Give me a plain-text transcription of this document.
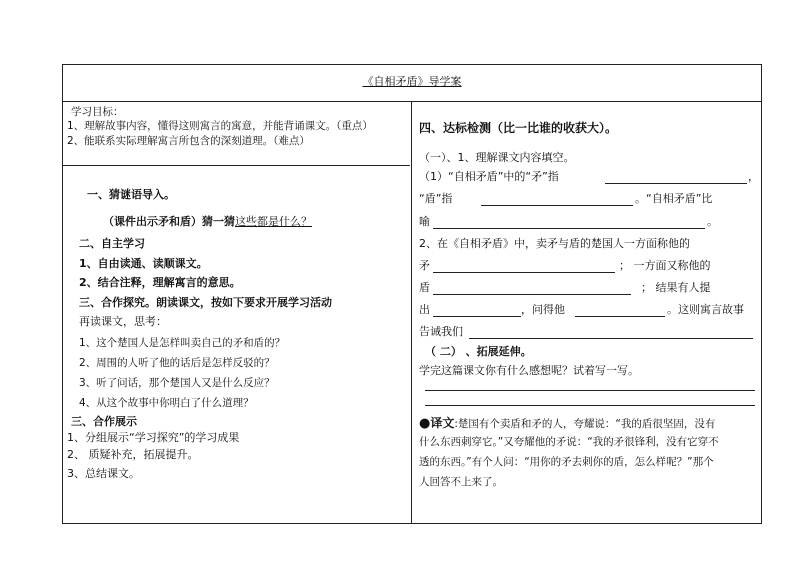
《自相矛盾》导学案
学习目标：
1、理解故事内容，懂得这则寓言的寓意，并能背诵课文。（重点）
2、能联系实际理解寓言所包含的深刻道理。（难点）
一、猜谜语导入。
（课件出示矛和盾）猜一猜这些都是什么？
二、自主学习
1、自由读通、读顺课文。
2、结合注释，理解寓言的意思。
三、合作探究。朗读课文，按如下要求开展学习活动
再读课文，思考：
1、这个楚国人是怎样叫卖自己的矛和盾的？
2、周围的人听了他的话后是怎样反驳的？
3、听了问话，那个楚国人又是什么反应？
4、从这个故事中你明白了什么道理？
三、合作展示
1、分组展示“学习探究”的学习成果
2、 质疑补充，拓展提升。
3、总结课文。
四、达标检测（比一比谁的收获大）。
（一）、1、理解课文内容填空。
（1）“自相矛盾”中的“矛”指	，
“盾”指	。“自相矛盾”比
喻	。
2、在《自相矛盾》中，卖矛与盾的楚国人一方面称他的
矛	； 一方面又称他的
盾	； 结果有人提
出	，问得他	。这则寓言故事
告诫我们
（ 二） 、拓展延伸。
学完这篇课文你有什么感想呢？试着写一写。
●译文:楚国有个卖盾和矛的人，夸耀说：“我的盾很坚固，没有
什么东西刺穿它。”又夸耀他的矛说：“我的矛很锋利，没有它穿不
透的东西。”有个人问：“用你的矛去刺你的盾，怎么样呢？”那个
人回答不上来了。
